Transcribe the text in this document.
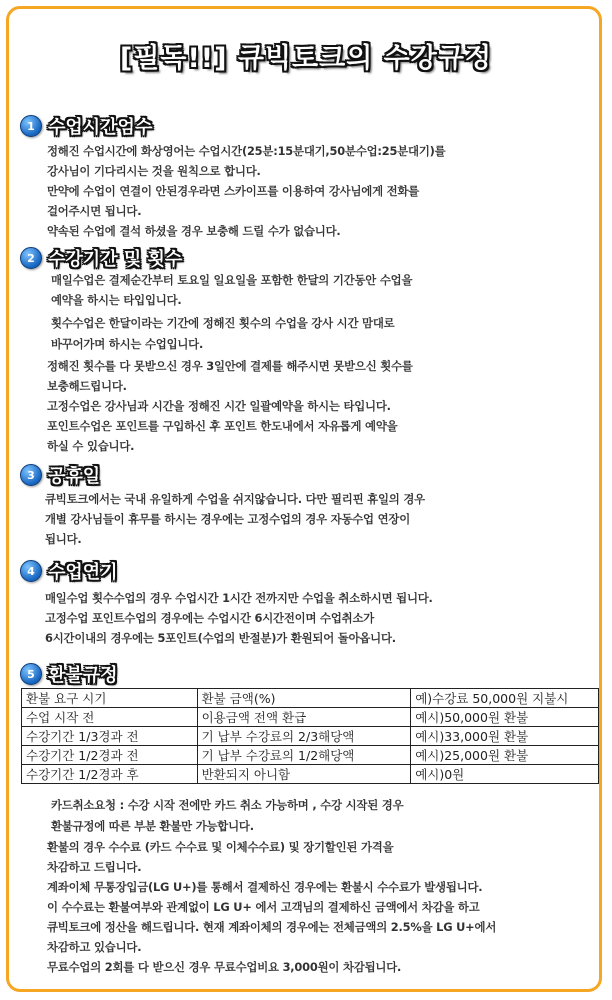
[필독!!] 큐빅토크의 수강규정
1 수업시간엄수
정해진 수업시간에 화상영어는 수업시간(25분:15분대기,50분수업:25분대기)를
강사님이 기다리시는 것을 원칙으로 합니다.
만약에 수업이 연결이 안된경우라면 스카이프를 이용하여 강사님에게 전화를
걸어주시면 됩니다.
약속된 수업에 결석 하셨을 경우 보충해 드릴 수가 없습니다.
2 수강기간 및 횟수
매일수업은 결제순간부터 토요일 일요일을 포함한 한달의 기간동안 수업을
예약을 하시는 타입입니다.
횟수수업은 한달이라는 기간에 정해진 횟수의 수업을 강사 시간 맘대로
바꾸어가며 하시는 수업입니다.
정해진 횟수를 다 못받으신 경우 3일안에 결제를 해주시면 못받으신 횟수를
보충해드립니다.
고정수업은 강사님과 시간을 정해진 시간 일괄예약을 하시는 타입니다.
포인트수업은 포인트를 구입하신 후 포인트 한도내에서 자유롭게 예약을
하실 수 있습니다.
3 공휴일
큐빅토크에서는 국내 유일하게 수업을 쉬지않습니다. 다만 필리핀 휴일의 경우
개별 강사님들이 휴무를 하시는 경우에는 고정수업의 경우 자동수업 연장이
됩니다.
4 수업연기
매일수업 횟수수업의 경우 수업시간 1시간 전까지만 수업을 취소하시면 됩니다.
고정수업 포인트수업의 경우에는 수업시간 6시간전이며 수업취소가
6시간이내의 경우에는 5포인트(수업의 반절분)가 환원되어 돌아옵니다.
5 환불규정
환불 요구 시기	환불 금액(%)	예)수강료 50,000원 지불시
수업 시작 전	이용금액 전액 환급	예시)50,000원 환불
수강기간 1/3경과 전	기 납부 수강료의 2/3해당액	예시)33,000원 환불
수강기간 1/2경과 전	기 납부 수강료의 1/2해당액	예시)25,000원 환불
수강기간 1/2경과 후	반환되지 아니함	예시)0원
카드취소요청 : 수강 시작 전에만 카드 취소 가능하며 , 수강 시작된 경우
환불규정에 따른 부분 환불만 가능합니다.
환불의 경우 수수료 (카드 수수료 및 이체수수료) 및 장기할인된 가격을
차감하고 드립니다.
계좌이체 무통장입금(LG U+)를 통해서 결제하신 경우에는 환불시 수수료가 발생됩니다.
이 수수료는 환불여부와 관계없이 LG U+ 에서 고객님의 결제하신 금액에서 차감을 하고
큐빅토크에 정산을 해드립니다. 현재 계좌이체의 경우에는 전체금액의 2.5%을 LG U+에서
차감하고 있습니다.
무료수업의 2회를 다 받으신 경우 무료수업비요 3,000원이 차감됩니다.
